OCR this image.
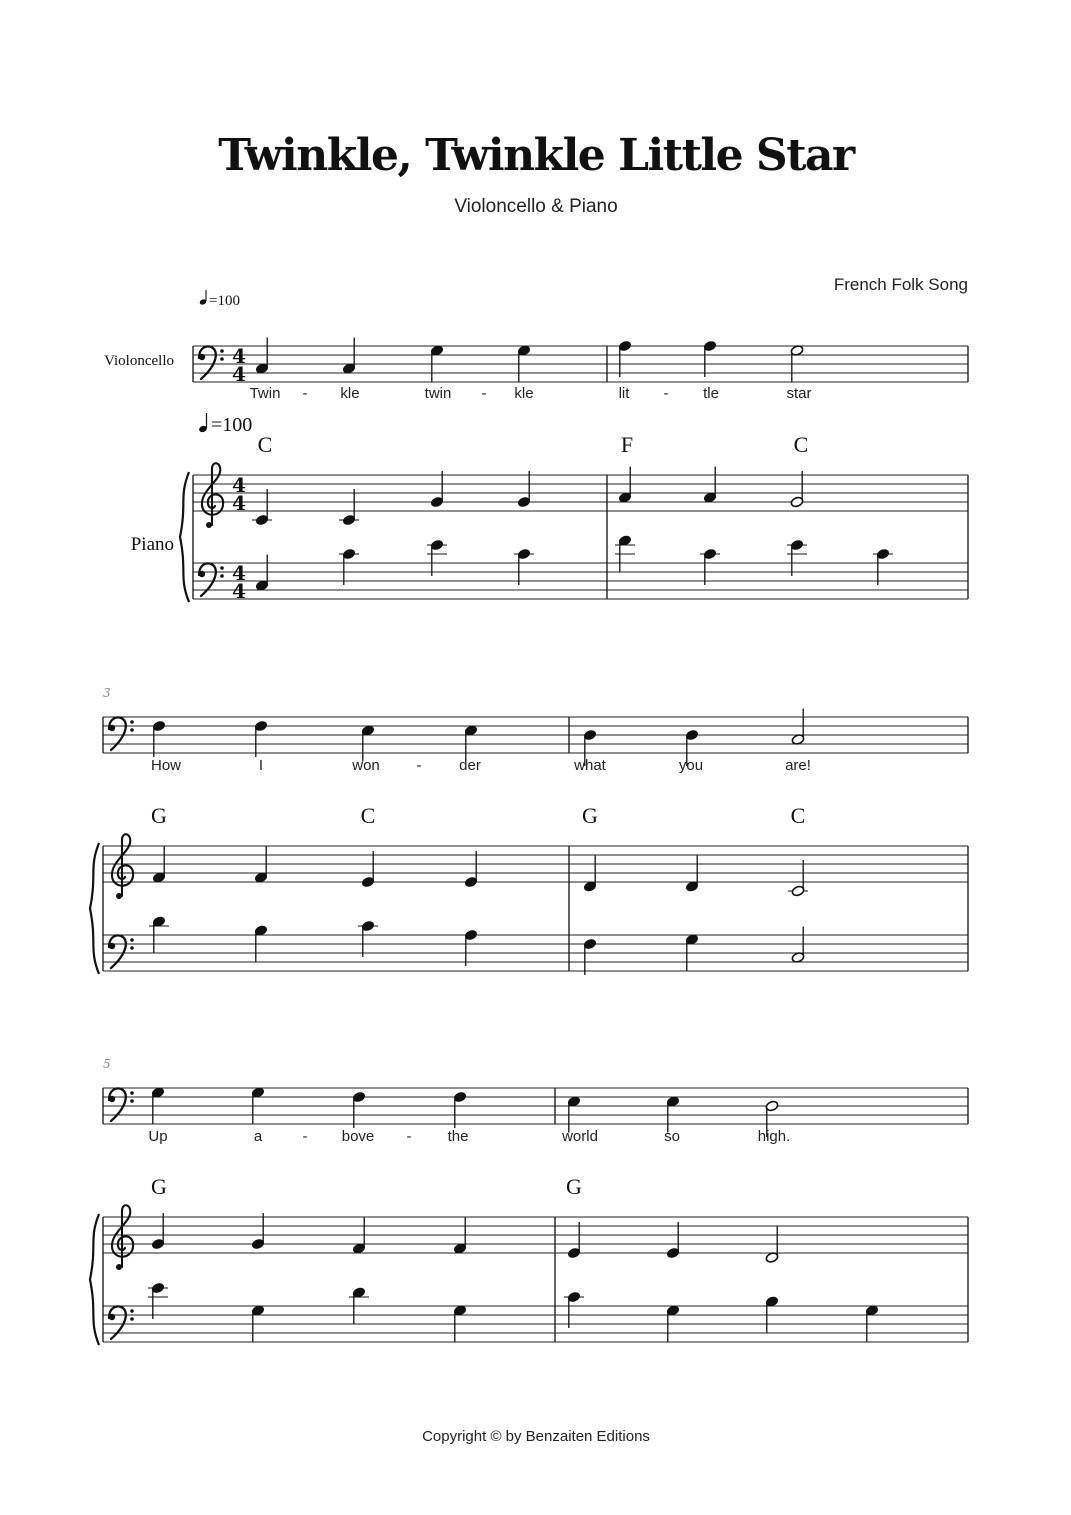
Twinkle, Twinkle Little Star
Violoncello & Piano
French Folk Song
=100
=100
Violoncello
Piano
Copyright © by Benzaiten Editions
4
4
4
4
4
4
Twin - kle	twin - kle
C
lit - tle	star
F	C
3
How	I	won -	der
G	C
what	you	are!
G	C
5
Up	a	- bove - the
G
world	so	high.
G
